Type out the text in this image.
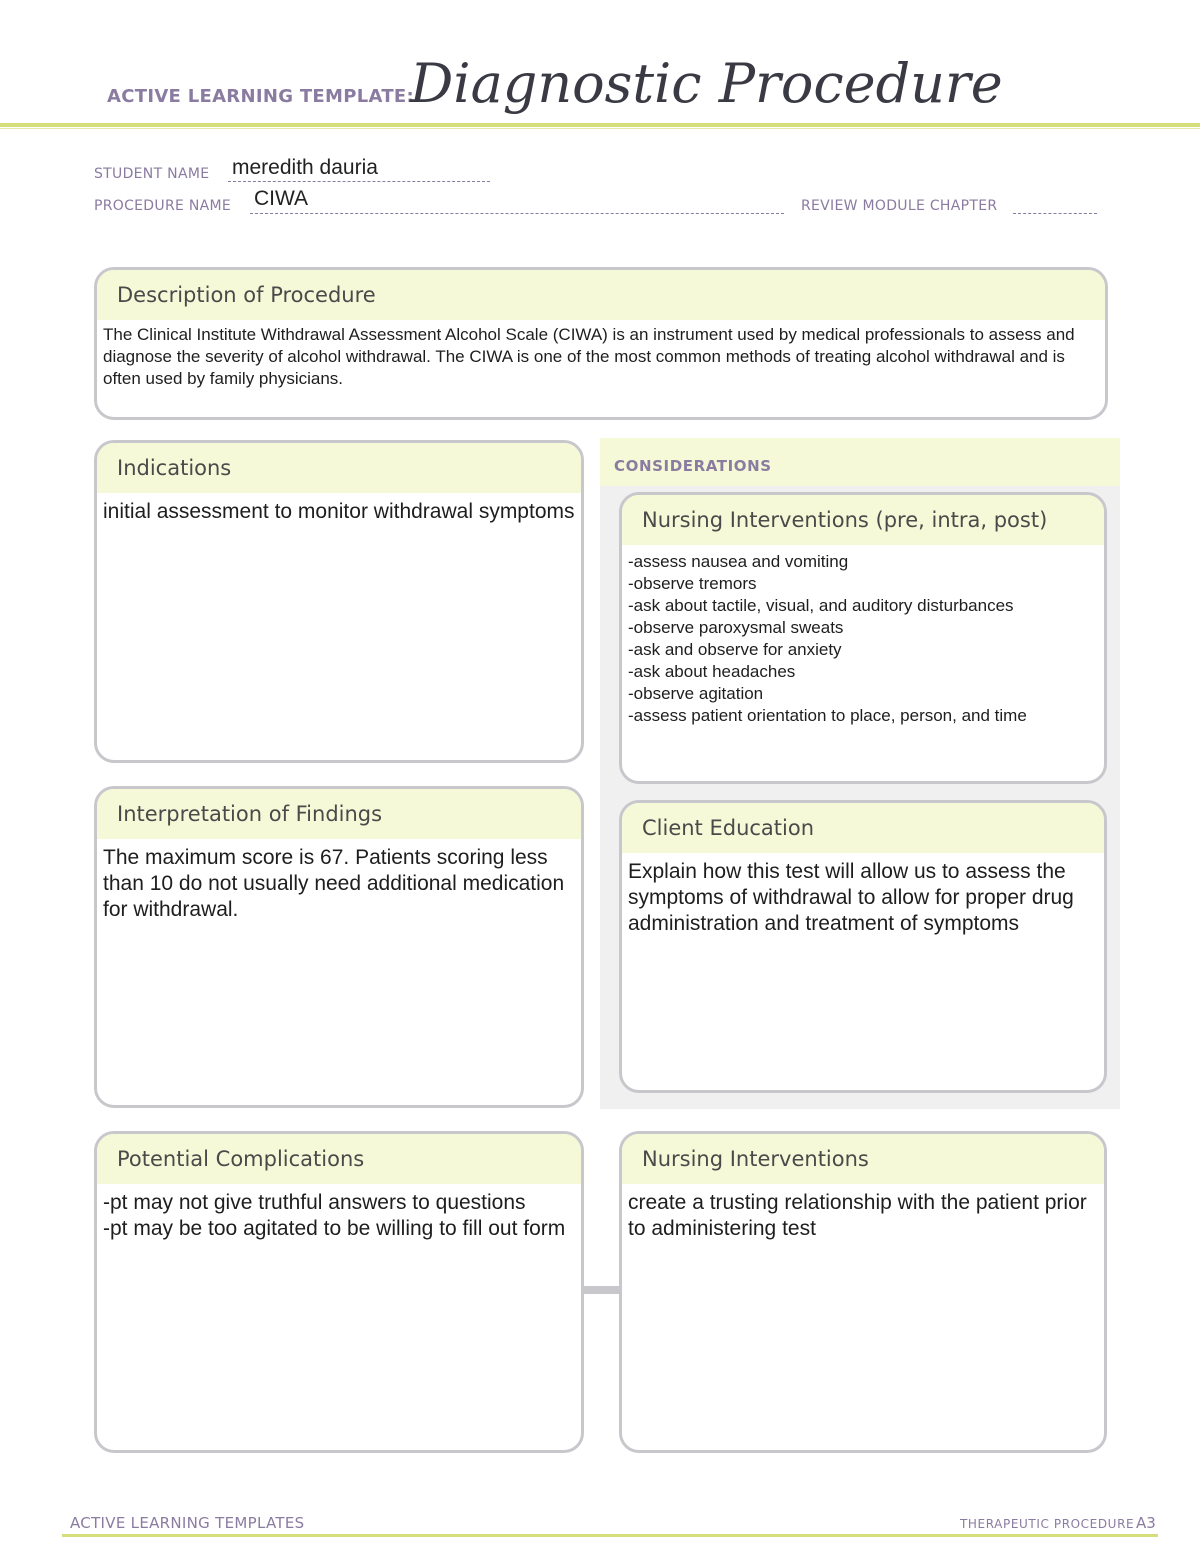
ACTIVE LEARNING TEMPLATE:
Diagnostic Procedure
STUDENT NAME meredith dauria
PROCEDURE NAME CIWA	REVIEW MODULE CHAPTER
Description of Procedure
The Clinical Institute Withdrawal Assessment Alcohol Scale (CIWA) is an instrument used by medical professionals to assess and diagnose the severity of alcohol withdrawal. The CIWA is one of the most common methods of treating alcohol withdrawal and is often used by family physicians.
CONSIDERATIONS
Indications
initial assessment to monitor withdrawal symptoms	Nursing Interventions (pre, intra, post)
-assess nausea and vomiting
-observe tremors
-ask about tactile, visual, and auditory disturbances
-observe paroxysmal sweats
-ask and observe for anxiety
-ask about headaches
-observe agitation
-assess patient orientation to place, person, and time
Interpretation of Findings
The maximum score is 67. Patients scoring less than 10 do not usually need additional medication for withdrawal.
Client Education
Explain how this test will allow us to assess the symptoms of withdrawal to allow for proper drug administration and treatment of symptoms
Potential Complications
-pt may not give truthful answers to questions
-pt may be too agitated to be willing to fill out form
Nursing Interventions
create a trusting relationship with the patient prior to administering test
ACTIVE LEARNING TEMPLATES	THERAPEUTIC PROCEDURE A3
